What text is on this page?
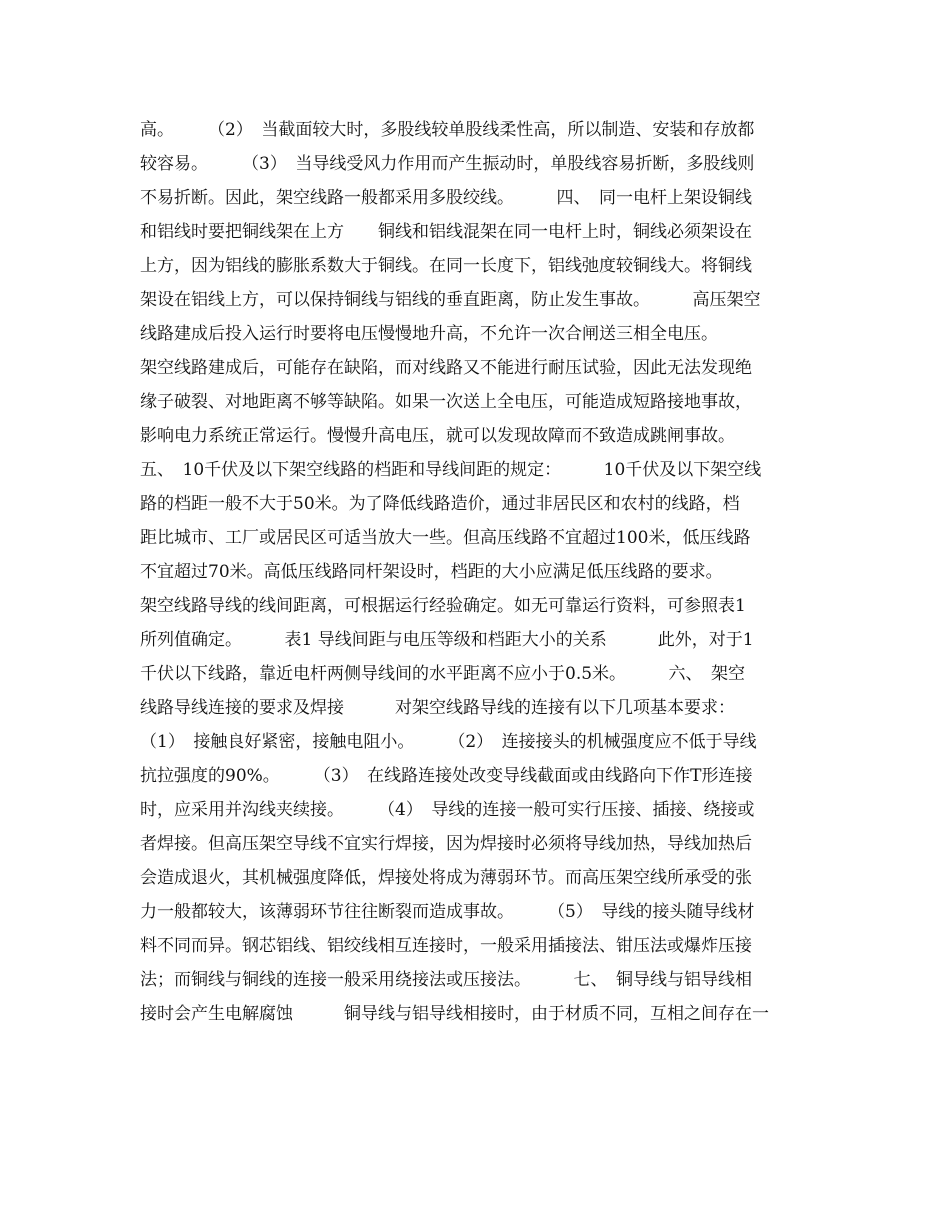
高。　　　（2）　当截面较大时，多股线较单股线柔性高，所以制造、安装和存放都
较容易。　　　（3）　当导线受风力作用而产生振动时，单股线容易折断，多股线则
不易折断。因此，架空线路一般都采用多股绞线。　　　四、　同一电杆上架设铜线
和铝线时要把铜线架在上方　　铜线和铝线混架在同一电杆上时，铜线必须架设在
上方，因为铝线的膨胀系数大于铜线。在同一长度下，铝线弛度较铜线大。将铜线
架设在铝线上方，可以保持铜线与铝线的垂直距离，防止发生事故。　　　高压架空
线路建成后投入运行时要将电压慢慢地升高，不允许一次合闸送三相全电压。
架空线路建成后，可能存在缺陷，而对线路又不能进行耐压试验，因此无法发现绝
缘子破裂、对地距离不够等缺陷。如果一次送上全电压，可能造成短路接地事故，
影响电力系统正常运行。慢慢升高电压，就可以发现故障而不致造成跳闸事故。
五、　10千伏及以下架空线路的档距和导线间距的规定：　　　10千伏及以下架空线
路的档距一般不大于50米。为了降低线路造价，通过非居民区和农村的线路，档
距比城市、工厂或居民区可适当放大一些。但高压线路不宜超过100米，低压线路
不宜超过70米。高低压线路同杆架设时，档距的大小应满足低压线路的要求。
架空线路导线的线间距离，可根据运行经验确定。如无可靠运行资料，可参照表1
所列值确定。　　　表1 导线间距与电压等级和档距大小的关系　　　此外，对于1
千伏以下线路，靠近电杆两侧导线间的水平距离不应小于0.5米。　　　六、　架空
线路导线连接的要求及焊接　　　对架空线路导线的连接有以下几项基本要求：
（1）　接触良好紧密，接触电阻小。　　　（2）　连接接头的机械强度应不低于导线
抗拉强度的90%。　　　（3）　在线路连接处改变导线截面或由线路向下作T形连接
时，应采用并沟线夹续接。　　　（4）　导线的连接一般可实行压接、插接、绕接或
者焊接。但高压架空导线不宜实行焊接，因为焊接时必须将导线加热，导线加热后
会造成退火，其机械强度降低，焊接处将成为薄弱环节。而高压架空线所承受的张
力一般都较大，该薄弱环节往往断裂而造成事故。　　　（5）　导线的接头随导线材
料不同而异。钢芯铝线、铝绞线相互连接时，一般采用插接法、钳压法或爆炸压接
法；而铜线与铜线的连接一般采用绕接法或压接法。　　　七、　铜导线与铝导线相
接时会产生电解腐蚀　　　铜导线与铝导线相接时，由于材质不同，互相之间存在一
